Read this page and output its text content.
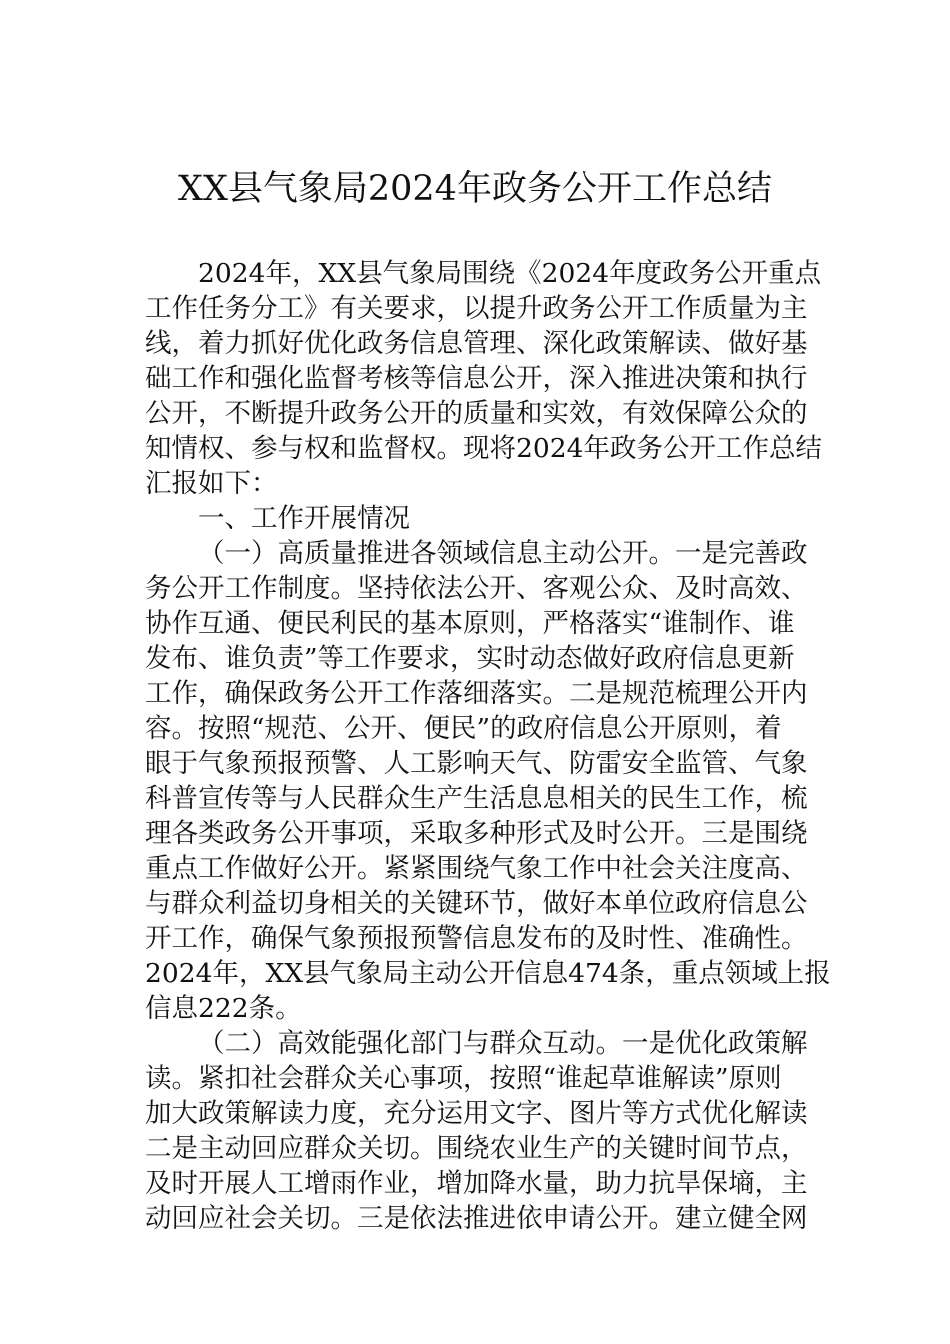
XX县气象局2024年政务公开工作总结
2024年，XX县气象局围绕《2024年度政务公开重点
工作任务分工》有关要求，以提升政务公开工作质量为主
线，着力抓好优化政务信息管理、深化政策解读、做好基
础工作和强化监督考核等信息公开，深入推进决策和执行
公开，不断提升政务公开的质量和实效，有效保障公众的
知情权、参与权和监督权。现将2024年政务公开工作总结
汇报如下：
一、工作开展情况
（一）高质量推进各领域信息主动公开。一是完善政
务公开工作制度。坚持依法公开、客观公众、及时高效、
协作互通、便民利民的基本原则，严格落实“谁制作、谁
发布、谁负责”等工作要求，实时动态做好政府信息更新
工作，确保政务公开工作落细落实。二是规范梳理公开内
容。按照“规范、公开、便民”的政府信息公开原则，着
眼于气象预报预警、人工影响天气、防雷安全监管、气象
科普宣传等与人民群众生产生活息息相关的民生工作，梳
理各类政务公开事项，采取多种形式及时公开。三是围绕
重点工作做好公开。紧紧围绕气象工作中社会关注度高、
与群众利益切身相关的关键环节，做好本单位政府信息公
开工作，确保气象预报预警信息发布的及时性、准确性。
2024年，XX县气象局主动公开信息474条，重点领域上报
信息222条。
（二）高效能强化部门与群众互动。一是优化政策解
读。紧扣社会群众关心事项，按照“谁起草谁解读”原则
加大政策解读力度，充分运用文字、图片等方式优化解读
二是主动回应群众关切。围绕农业生产的关键时间节点，
及时开展人工增雨作业，增加降水量，助力抗旱保墒，主
动回应社会关切。三是依法推进依申请公开。建立健全网
